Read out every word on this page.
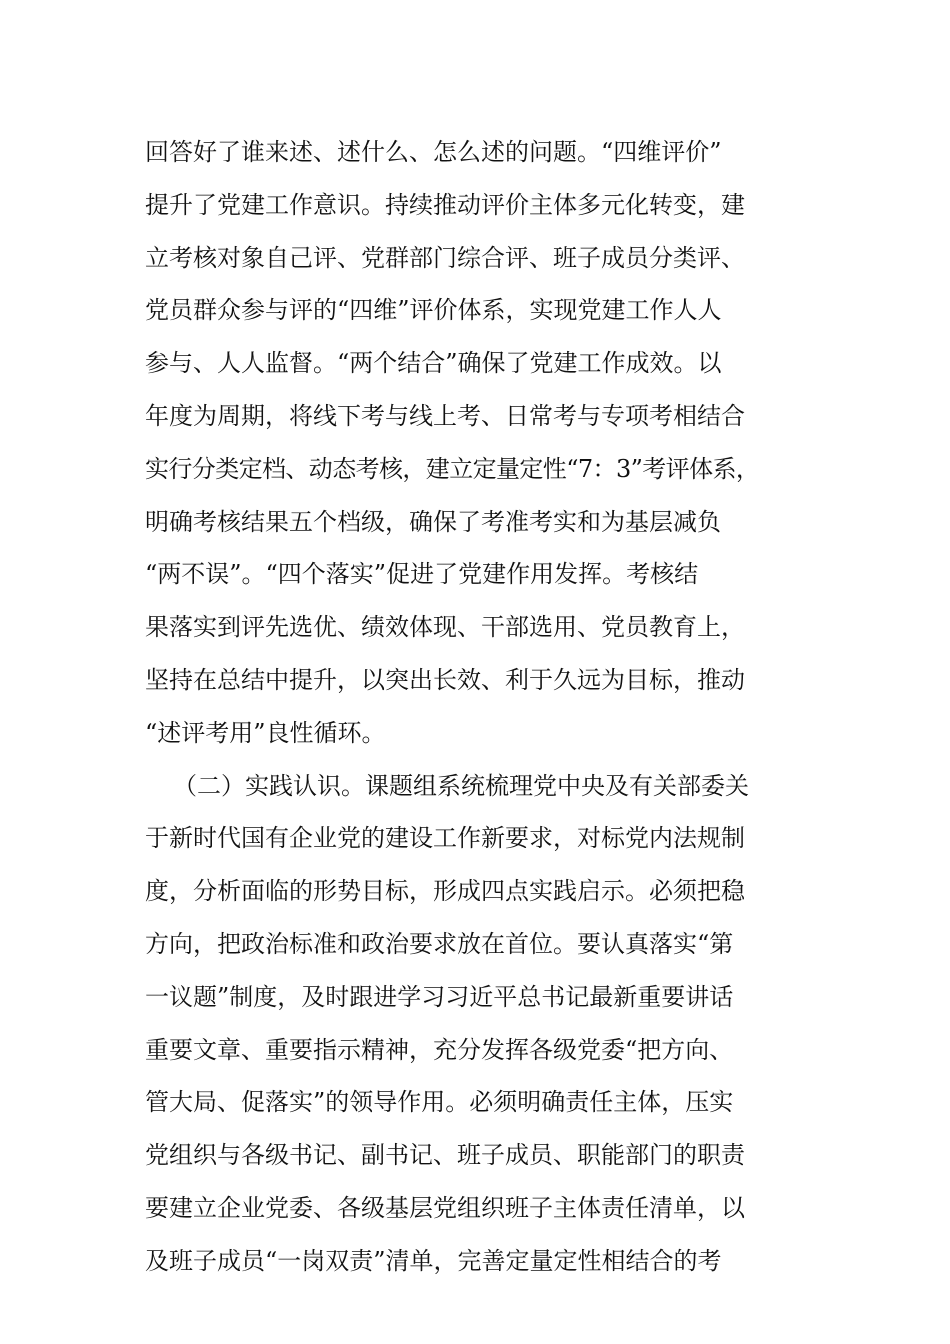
回答好了谁来述、述什么、怎么述的问题。“四维评价”
提升了党建工作意识。持续推动评价主体多元化转变，建
立考核对象自己评、党群部门综合评、班子成员分类评、
党员群众参与评的“四维”评价体系，实现党建工作人人
参与、人人监督。“两个结合”确保了党建工作成效。以
年度为周期，将线下考与线上考、日常考与专项考相结合
实行分类定档、动态考核，建立定量定性“7：3”考评体系，
明确考核结果五个档级，确保了考准考实和为基层减负
“两不误”。“四个落实”促进了党建作用发挥。考核结
果落实到评先选优、绩效体现、干部选用、党员教育上，
坚持在总结中提升，以突出长效、利于久远为目标，推动
“述评考用”良性循环。
（二）实践认识。课题组系统梳理党中央及有关部委关
于新时代国有企业党的建设工作新要求，对标党内法规制
度，分析面临的形势目标，形成四点实践启示。必须把稳
方向，把政治标准和政治要求放在首位。要认真落实“第
一议题”制度，及时跟进学习习近平总书记最新重要讲话
重要文章、重要指示精神，充分发挥各级党委“把方向、
管大局、促落实”的领导作用。必须明确责任主体，压实
党组织与各级书记、副书记、班子成员、职能部门的职责
要建立企业党委、各级基层党组织班子主体责任清单，以
及班子成员“一岗双责”清单，完善定量定性相结合的考
